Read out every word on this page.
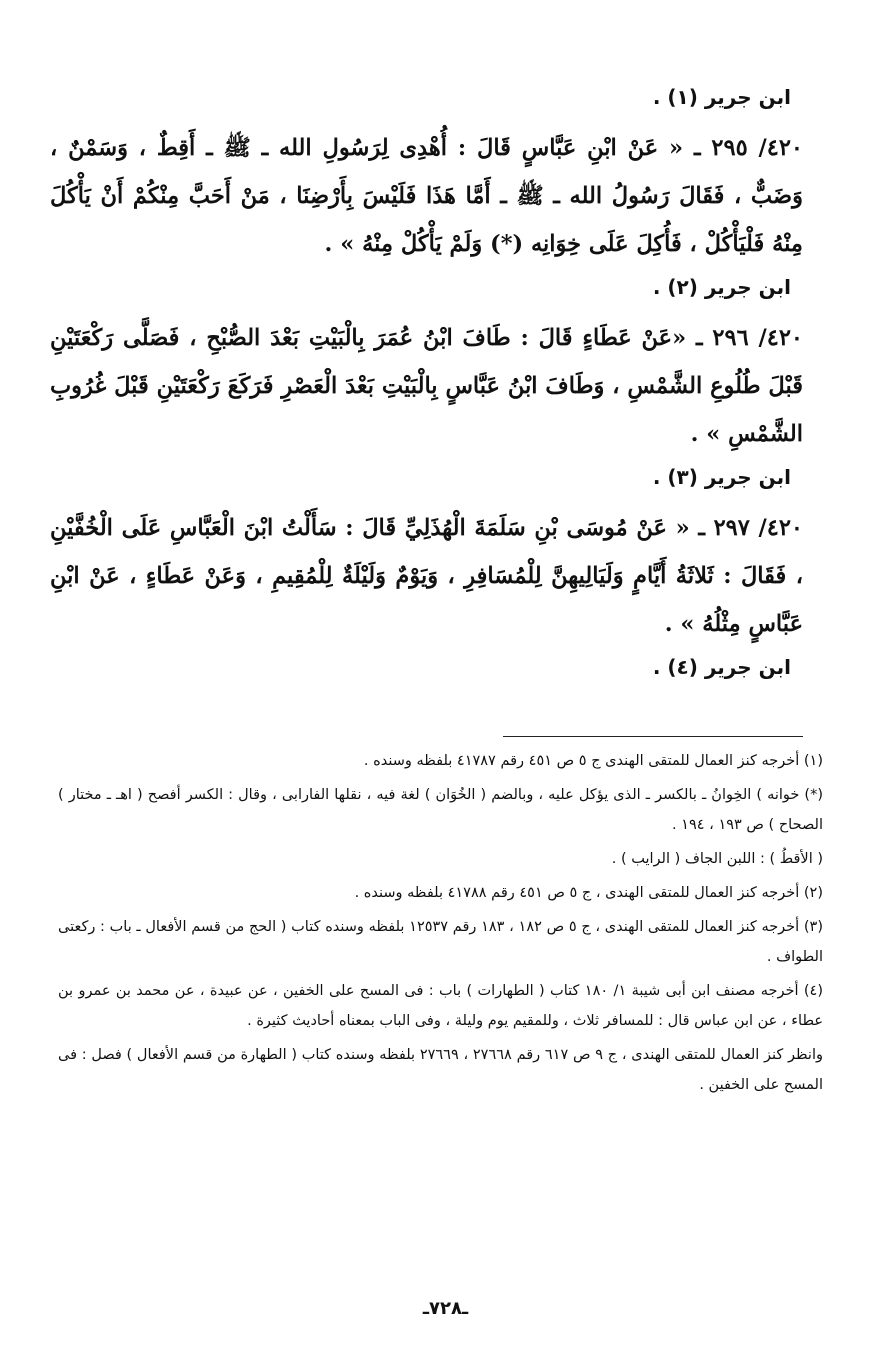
ابن جرير (١) .

٤٢٠/ ٢٩٥ ـ « عَنْ ابْنِ عَبَّاسٍ قَالَ : أُهْدِى لِرَسُولِ الله ـ ﷺ ـ أَقِطٌ ، وَسَمْنٌ ، وَضَبٌّ ، فَقَالَ رَسُولُ الله ـ ﷺ ـ أَمَّا هَذَا فَلَيْسَ بِأَرْضِنَا ، مَنْ أَحَبَّ مِنْكُمْ أَنْ يَأْكُلَ مِنْهُ فَلْيَأْكُلْ ، فَأُكِلَ عَلَى خِوَانِه (*) وَلَمْ يَأْكُلْ مِنْهُ » .

ابن جرير (٢) .

٤٢٠/ ٢٩٦ ـ «عَنْ عَطَاءٍ قَالَ : طَافَ ابْنُ عُمَرَ بِالْبَيْتِ بَعْدَ الصُّبْحِ ، فَصَلَّى رَكْعَتَيْنِ قَبْلَ طُلُوعِ الشَّمْسِ ، وَطَافَ ابْنُ عَبَّاسٍ بِالْبَيْتِ بَعْدَ الْعَصْرِ فَرَكَعَ رَكْعَتَيْنِ قَبْلَ غُرُوبِ الشَّمْسِ » .

ابن جرير (٣) .

٤٢٠/ ٢٩٧ ـ « عَنْ مُوسَى بْنِ سَلَمَةَ الْهُذَلِيِّ قَالَ : سَأَلْتُ ابْنَ الْعَبَّاسِ عَلَى الْخُفَّيْنِ ، فَقَالَ : ثَلاثَةُ أَيَّامٍ وَلَيَالِيهِنَّ لِلْمُسَافِرِ ، وَيَوْمٌ وَلَيْلَةٌ لِلْمُقِيمِ ، وَعَنْ عَطَاءٍ ، عَنْ ابْنِ عَبَّاسٍ مِثْلُهُ » .

ابن جرير (٤) .

(١) أخرجه كنز العمال للمتقى الهندى ج ٥ ص ٤٥١ رقم ٤١٧٨٧ بلفظه وسنده .

(*) خوانه ) الخِوانُ ـ بالكسر ـ الذى يؤكل عليه ، وبالضم ( الخُوَان ) لغة فيه ، نقلها الفارابى ، وقال : الكسر أفصح ( اهـ ـ مختار ) الصحاح ) ص ١٩٣ ، ١٩٤ .

( الأقطُ ) : اللبن الجاف ( الرايب ) .

(٢) أخرجه كنز العمال للمتقى الهندى ، ج ٥ ص ٤٥١ رقم ٤١٧٨٨ بلفظه وسنده .

(٣) أخرجه كنز العمال للمتقى الهندى ، ج ٥ ص ١٨٢ ، ١٨٣ رقم ١٢٥٣٧ بلفظه وسنده كتاب ( الحج من قسم الأفعال ـ باب : ركعتى الطواف .

(٤) أخرجه مصنف ابن أبى شيبة ١/ ١٨٠ كتاب ( الطهارات ) باب : فى المسح على الخفين ، عن عبيدة ، عن محمد بن عمرو بن عطاء ، عن ابن عباس قال : للمسافر ثلاث ، وللمقيم يوم وليلة ، وفى الباب بمعناه أحاديث كثيرة .

وانظر كنز العمال للمتقى الهندى ، ج ٩ ص ٦١٧ رقم ٢٧٦٦٨ ، ٢٧٦٦٩ بلفظه وسنده كتاب ( الطهارة من قسم الأفعال ) فصل : فى المسح على الخفين .

ـ٧٢٨ـ
